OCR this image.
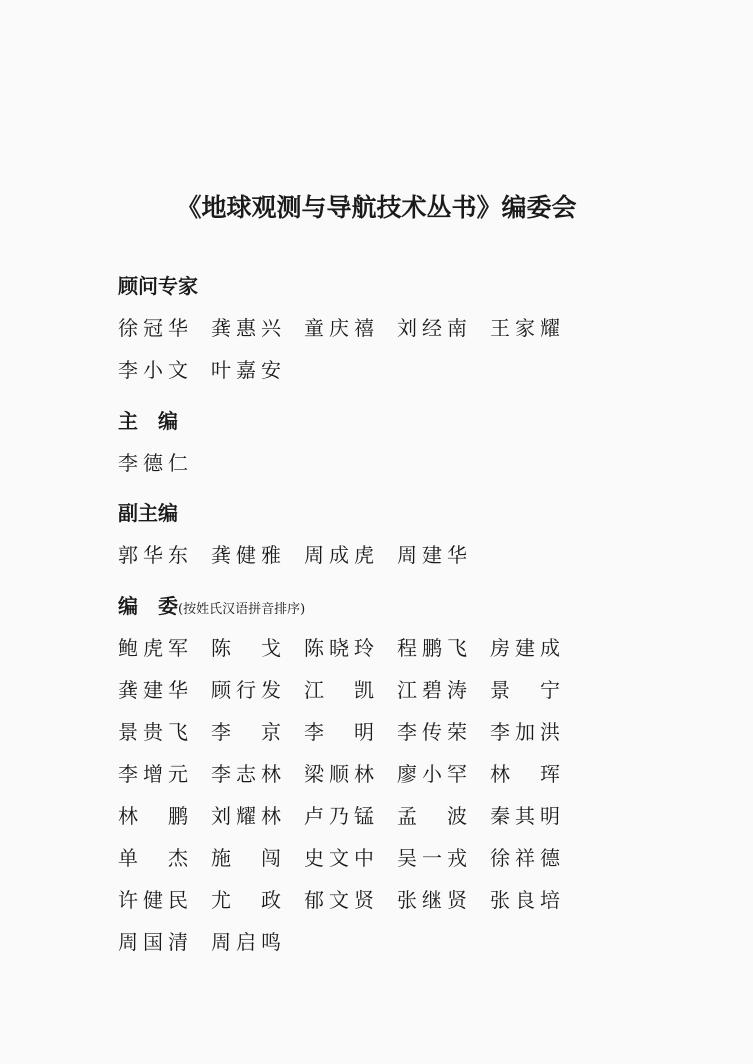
《地球观测与导航技术丛书》编委会
顾问专家
徐 冠 华 龚 惠 兴 童 庆 禧 刘 经 南 王 家 耀
李 小 文 叶 嘉 安
主　编
李 德 仁
副主编
郭 华 东 龚 健 雅 周 成 虎 周 建 华
编　委(按姓氏汉语拼音排序)
鲍 虎 军 陈 戈 陈 晓 玲 程 鹏 飞 房 建 成
龚 建 华 顾 行 发 江 凯 江 碧 涛 景 宁
景 贵 飞 李 京 李 明 李 传 荣 李 加 洪
李 增 元 李 志 林 梁 顺 林 廖 小 罕 林 珲
林 鹏 刘 耀 林 卢 乃 锰 孟 波 秦 其 明
单 杰 施 闯 史 文 中 吴 一 戎 徐 祥 德
许 健 民 尤 政 郁 文 贤 张 继 贤 张 良 培
周 国 清 周 启 鸣
